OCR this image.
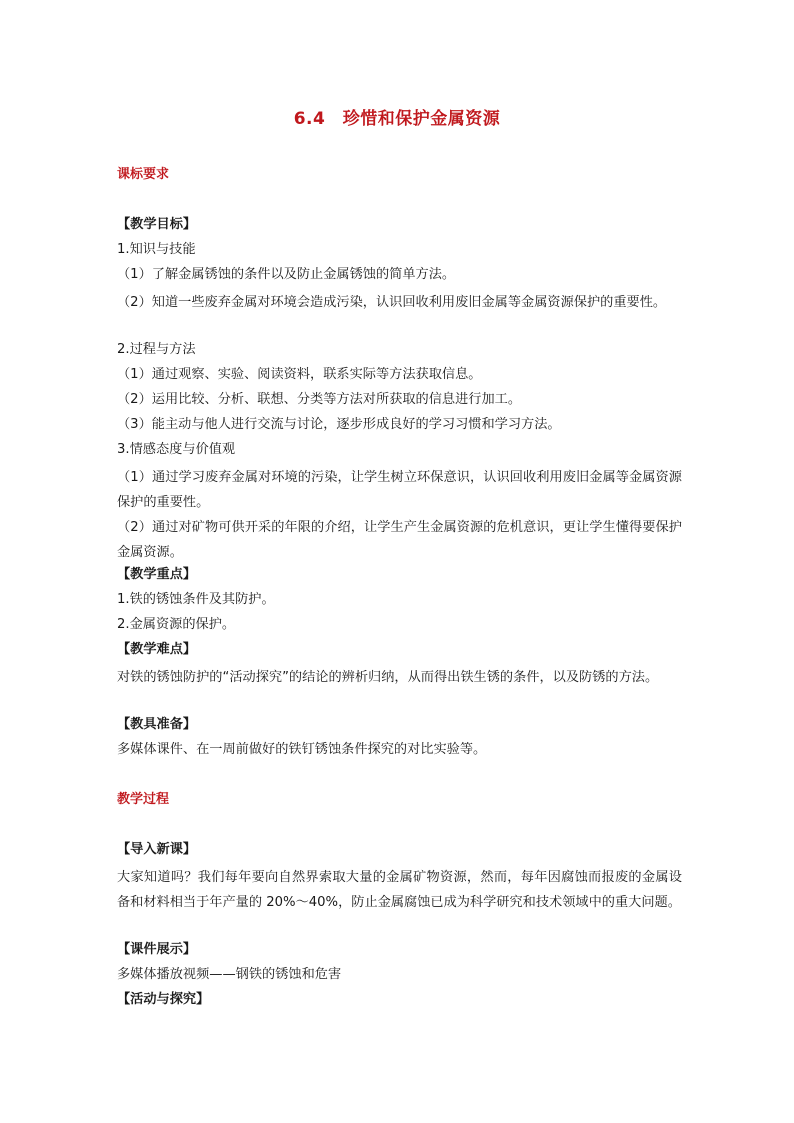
6.4　珍惜和保护金属资源
课标要求
【教学目标】
1.知识与技能
（1）了解金属锈蚀的条件以及防止金属锈蚀的简单方法。
（2）知道一些废弃金属对环境会造成污染，认识回收利用废旧金属等金属资源保护的重要性。
2.过程与方法
（1）通过观察、实验、阅读资料，联系实际等方法获取信息。
（2）运用比较、分析、联想、分类等方法对所获取的信息进行加工。
（3）能主动与他人进行交流与讨论，逐步形成良好的学习习惯和学习方法。
3.情感态度与价值观
（1）通过学习废弃金属对环境的污染，让学生树立环保意识，认识回收利用废旧金属等金属资源保护的重要性。
（2）通过对矿物可供开采的年限的介绍，让学生产生金属资源的危机意识，更让学生懂得要保护金属资源。
【教学重点】
1.铁的锈蚀条件及其防护。
2.金属资源的保护。
【教学难点】
对铁的锈蚀防护的“活动探究”的结论的辨析归纳，从而得出铁生锈的条件，以及防锈的方法。
【教具准备】
多媒体课件、在一周前做好的铁钉锈蚀条件探究的对比实验等。
教学过程
【导入新课】
大家知道吗？我们每年要向自然界索取大量的金属矿物资源，然而，每年因腐蚀而报废的金属设备和材料相当于年产量的 20%～40%，防止金属腐蚀已成为科学研究和技术领域中的重大问题。
【课件展示】
多媒体播放视频——钢铁的锈蚀和危害
【活动与探究】
